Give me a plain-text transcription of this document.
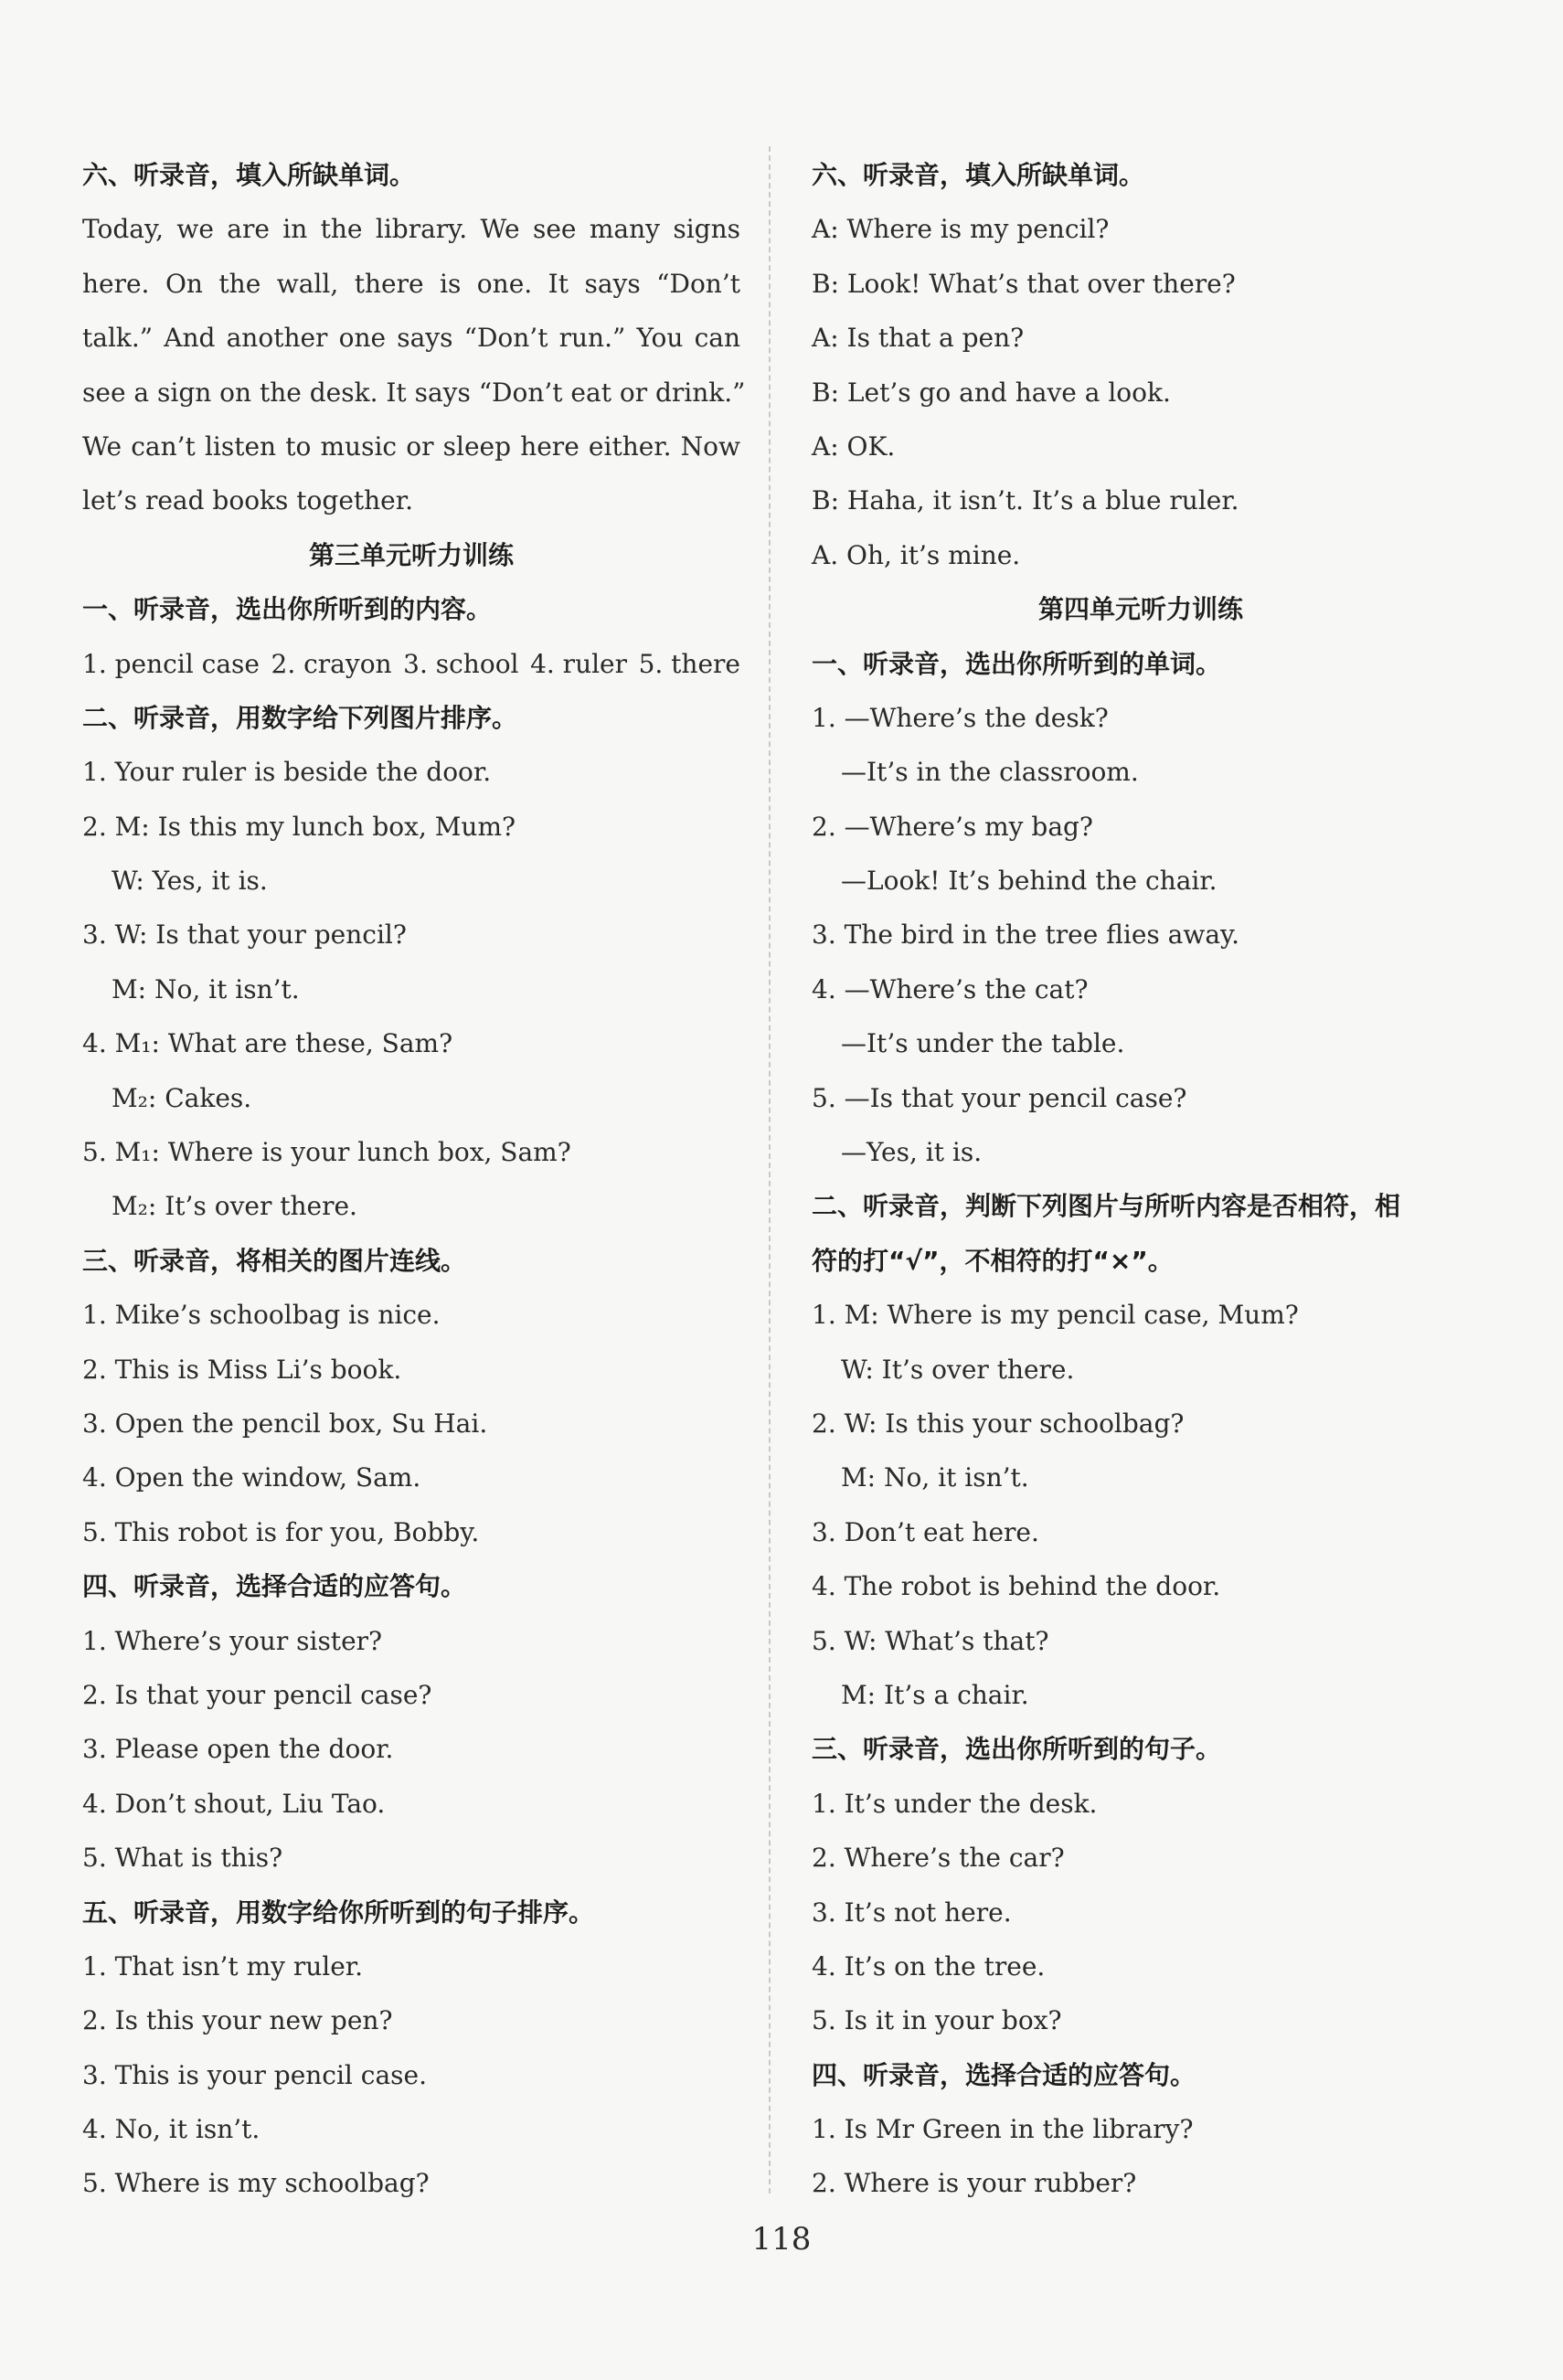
六、听录音，填入所缺单词。
Today, we are in the library. We see many signs
here. On the wall, there is one. It says “Don’t
talk.” And another one says “Don’t run.” You can
see a sign on the desk. It says “Don’t eat or drink.”
We can’t listen to music or sleep here either. Now
let’s read books together.
第三单元听力训练
一、听录音，选出你所听到的内容。
1. pencil case 2. crayon 3. school 4. ruler 5. there
二、听录音，用数字给下列图片排序。
1. Your ruler is beside the door.
2. M: Is this my lunch box, Mum?
W: Yes, it is.
3. W: Is that your pencil?
M: No, it isn’t.
4. M₁: What are these, Sam?
M₂: Cakes.
5. M₁: Where is your lunch box, Sam?
M₂: It’s over there.
三、听录音，将相关的图片连线。
1. Mike’s schoolbag is nice.
2. This is Miss Li’s book.
3. Open the pencil box, Su Hai.
4. Open the window, Sam.
5. This robot is for you, Bobby.
四、听录音，选择合适的应答句。
1. Where’s your sister?
2. Is that your pencil case?
3. Please open the door.
4. Don’t shout, Liu Tao.
5. What is this?
五、听录音，用数字给你所听到的句子排序。
1. That isn’t my ruler.
2. Is this your new pen?
3. This is your pencil case.
4. No, it isn’t.
5. Where is my schoolbag?
六、听录音，填入所缺单词。
A: Where is my pencil?
B: Look! What’s that over there?
A: Is that a pen?
B: Let’s go and have a look.
A: OK.
B: Haha, it isn’t. It’s a blue ruler.
A. Oh, it’s mine.
第四单元听力训练
一、听录音，选出你所听到的单词。
1. —Where’s the desk?
—It’s in the classroom.
2. —Where’s my bag?
—Look! It’s behind the chair.
3. The bird in the tree flies away.
4. —Where’s the cat?
—It’s under the table.
5. —Is that your pencil case?
—Yes, it is.
二、听录音，判断下列图片与所听内容是否相符，相
符的打“√”，不相符的打“×”。
1. M: Where is my pencil case, Mum?
W: It’s over there.
2. W: Is this your schoolbag?
M: No, it isn’t.
3. Don’t eat here.
4. The robot is behind the door.
5. W: What’s that?
M: It’s a chair.
三、听录音，选出你所听到的句子。
1. It’s under the desk.
2. Where’s the car?
3. It’s not here.
4. It’s on the tree.
5. Is it in your box?
四、听录音，选择合适的应答句。
1. Is Mr Green in the library?
2. Where is your rubber?
118
